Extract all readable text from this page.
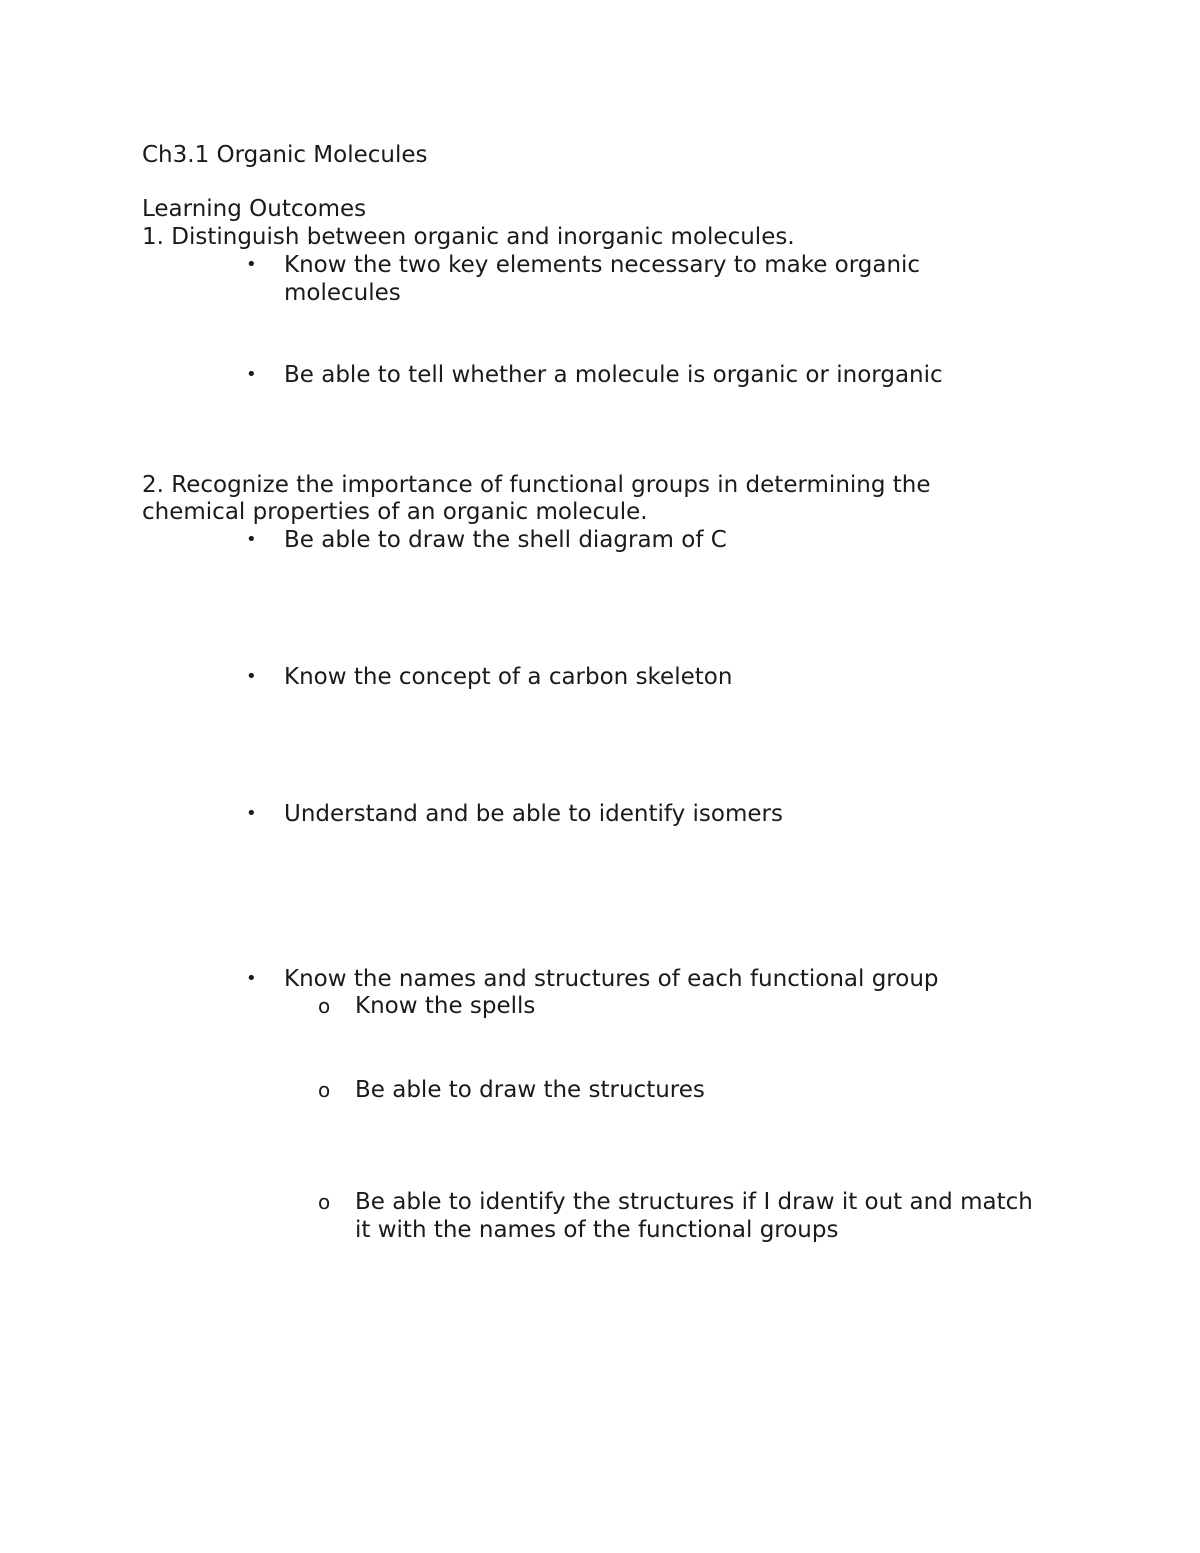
Ch3.1 Organic Molecules
Learning Outcomes
1. Distinguish between organic and inorganic molecules.
• Know the two key elements necessary to make organic
molecules
• Be able to tell whether a molecule is organic or inorganic
2. Recognize the importance of functional groups in determining the
chemical properties of an organic molecule.
• Be able to draw the shell diagram of C
• Know the concept of a carbon skeleton
• Understand and be able to identify isomers
• Know the names and structures of each functional group
o Know the spells
o Be able to draw the structures
o Be able to identify the structures if I draw it out and match
it with the names of the functional groups
